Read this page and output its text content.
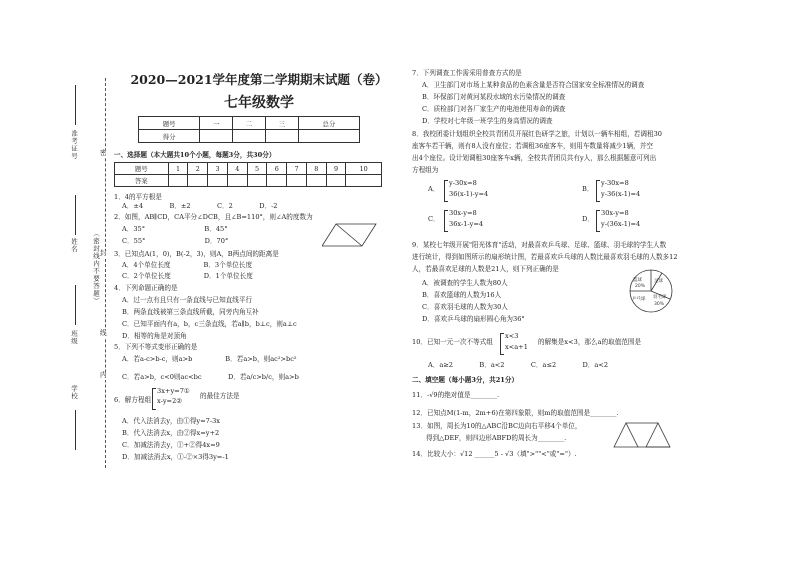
准考证号
姓名
班级
学校
（密封线内不要答题）
密
封
线
内
2020—2021学年度第二学期期末试题（卷）
七年级数学
题号	一	二	三	总分
得分				
一、选择题（本大题共10个小题，每题3分，共30分）
题号	1	2	3	4	5	6	7	8	9	10
答案										
1．4的平方根是
A．±4　　　　B．±2　　　　C．2　　　　D．-2
2．如图，AB∥CD，CA平分∠DCB，且∠B=110°，则∠A的度数为
A．35°　　　　　　　　　B．45°
C．55°　　　　　　　　　D．70°
3．已知点A(1，0)，B(-2，3)，则A，B两点间的距离是
A．4个单位长度　　　　　B．3个单位长度
C．2个单位长度　　　　　D．1个单位长度
4．下列命题正确的是
A．过一点有且只有一条直线与已知直线平行
B．两条直线被第三条直线所截，同旁内角互补
C．已知平面内有a，b，c三条直线，若a∥b，b⊥c，则a⊥c
D．相等的角是对顶角
5．下列不等式变形正确的是
A．若a-c>b-c，则a>b　　　　　B．若a>b，则ac²>bc²
C．若a>b，c<0则ac<bc　　　　D．若a/c>b/c，则a>b
6．解方程组
3x+y=7①
x-y=2②
的最佳方法是
A．代入法消去y，由①得y=7-3x
B．代入法消去x，由②得x=y+2
C．加减法消去y，①+②得4x=9
D．加减法消去x，①-②×3得3y=-1
7．下列调查工作需采用普查方式的是
A．卫生部门对市场上某种食品的色素含量是否符合国家安全标准情况的调查
B．环保部门对黄河某段水域的水污染情况的调查
C．质检部门对各厂家生产的电池使用寿命的调查
D．学校对七年级一班学生的身高情况的调查
8．我校团委计划组织全校共青团员开展红色研学之旅，计划以一辆车相组，若调租30
座客车若干辆，则有8人没有座位；若调租36座客车，则用车数量将减少1辆，并空
出4个座位。设计划调租30座客车x辆，全校共青团员共有y人，那么根据题意可列出
方程组为
A．
y-30x=8
36(x-1)-y=4
B．
y-30x=8
y-36(x-1)=4
C．
30x-y=8
36x-1-y=4
D．
30x-y=8
y-(36x-1)=4
9．某校七年级开展"阳光体育"活动，对最喜欢乒乓球、足球、篮球、羽毛球的学生人数
进行统计，得到如图所示的扇形统计图，若最喜欢乒乓球的人数比最喜欢羽毛球的人数多12
人，若最喜欢足球的人数是21人，则下列正确的是
A．被调查的学生人数为80人
B．喜欢篮球的人数为16人
C．喜欢羽毛球的人数为30人
D．喜欢乒乓球的扇形圆心角为36°
篮球
20%
足球
乒乓球 羽毛球
30%
10．已知一元一次不等式组
x<3
x<a+1
的解集是x<3，那么a的取值范围是
A．a≥2　　　　B．a<2　　　　C．a≤2　　　　D．a<2
二、填空题（每小题3分，共21分）
11．-√9的绝对值是________.
12．已知点M(1-m，2m+6)在第四象限，则m的取值范围是________.
13．如图，周长为10的△ABC沿BC边向右平移4个单位，
得到△DEF，则四边形ABFD的周长为________.
14．比较大小：√12 ______5 - √3（填">""<"或"="）.
